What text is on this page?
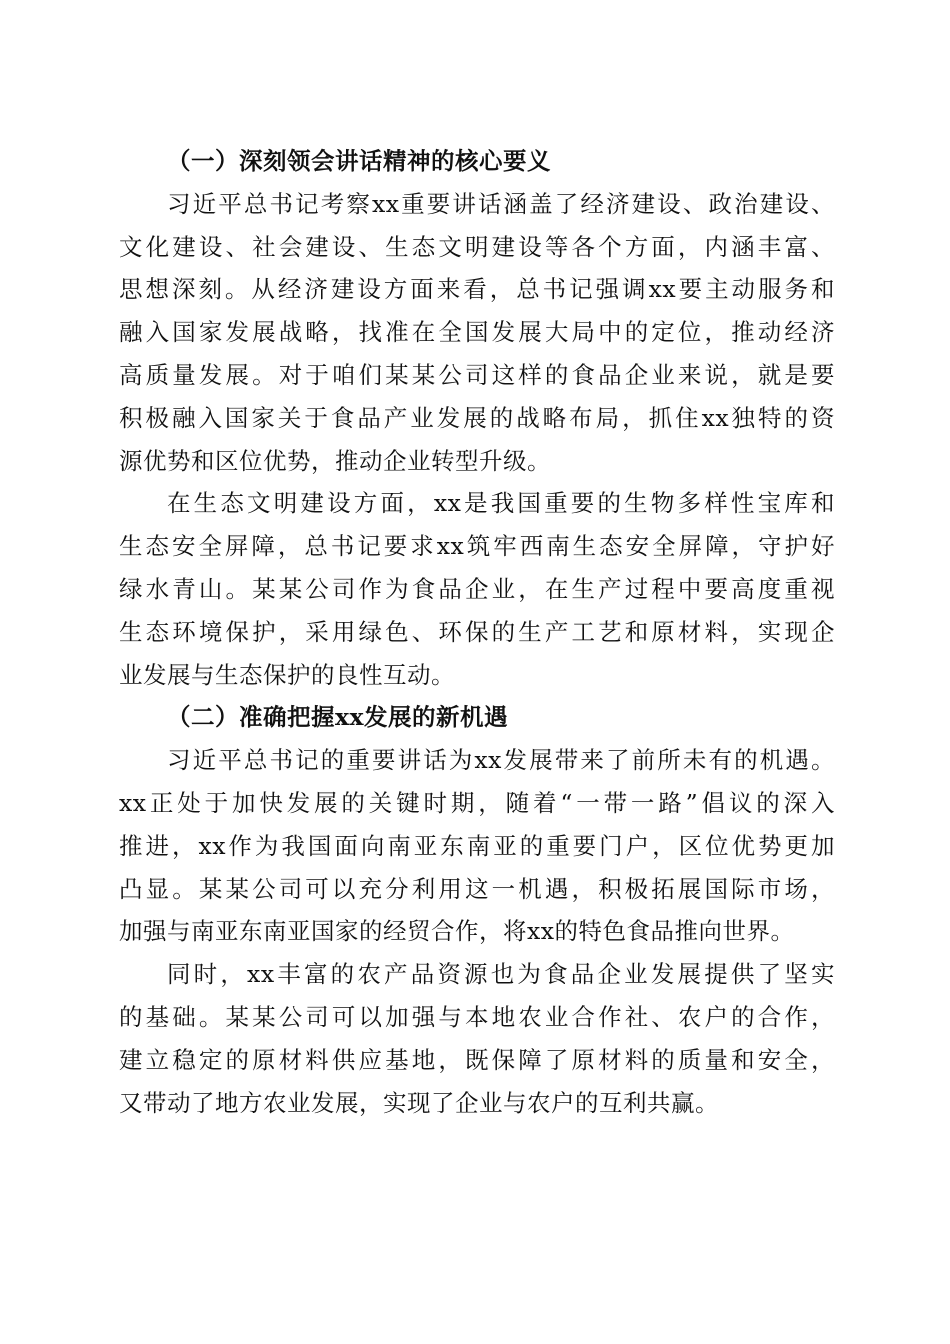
（一）深刻领会讲话精神的核心要义

习近平总书记考察xx重要讲话涵盖了经济建设、政治建设、
文化建设、社会建设、生态文明建设等各个方面，内涵丰富、
思想深刻。从经济建设方面来看，总书记强调xx要主动服务和
融入国家发展战略，找准在全国发展大局中的定位，推动经济
高质量发展。对于咱们某某公司这样的食品企业来说，就是要
积极融入国家关于食品产业发展的战略布局，抓住xx独特的资
源优势和区位优势，推动企业转型升级。

在生态文明建设方面，xx是我国重要的生物多样性宝库和
生态安全屏障，总书记要求xx筑牢西南生态安全屏障，守护好
绿水青山。某某公司作为食品企业，在生产过程中要高度重视
生态环境保护，采用绿色、环保的生产工艺和原材料，实现企
业发展与生态保护的良性互动。

（二）准确把握xx发展的新机遇

习近平总书记的重要讲话为xx发展带来了前所未有的机遇。
xx正处于加快发展的关键时期，随着“一带一路”倡议的深入
推进，xx作为我国面向南亚东南亚的重要门户，区位优势更加
凸显。某某公司可以充分利用这一机遇，积极拓展国际市场，
加强与南亚东南亚国家的经贸合作，将xx的特色食品推向世界。

同时，xx丰富的农产品资源也为食品企业发展提供了坚实
的基础。某某公司可以加强与本地农业合作社、农户的合作，
建立稳定的原材料供应基地，既保障了原材料的质量和安全，
又带动了地方农业发展，实现了企业与农户的互利共赢。
